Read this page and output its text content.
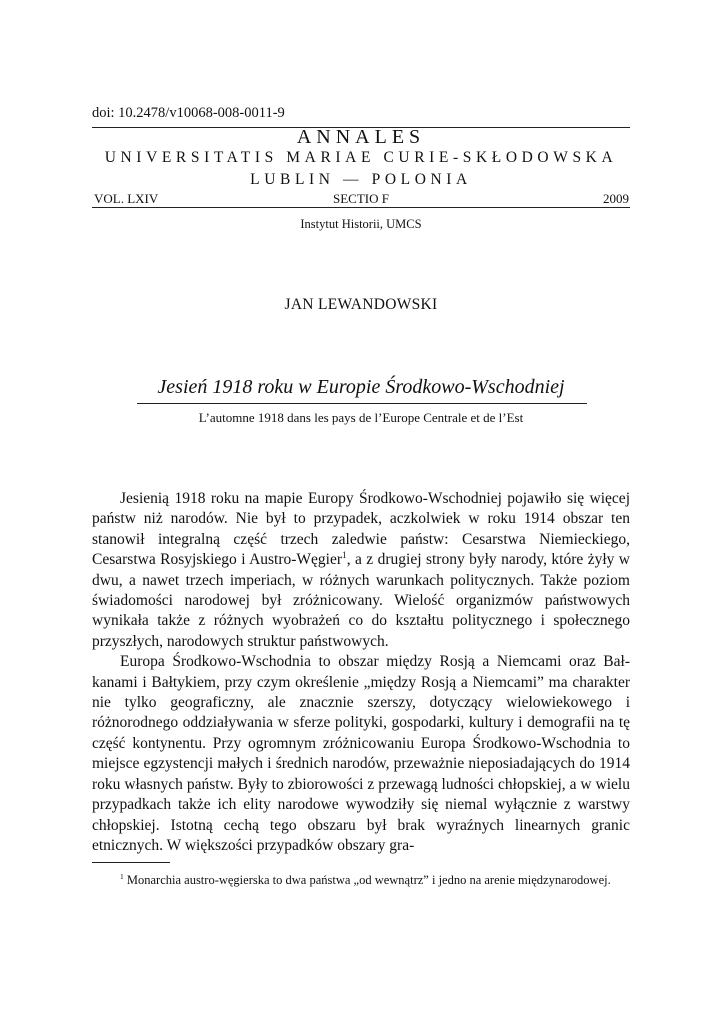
doi: 10.2478/v10068-008-0011-9
ANNALES
UNIVERSITATIS MARIAE CURIE-SKŁODOWSKA
LUBLIN — POLONIA
SECTIO F
VOL. LXIV	2009
Instytut Historii, UMCS
JAN LEWANDOWSKI
Jesień 1918 roku w Europie Środkowo-Wschodniej
L’automne 1918 dans les pays de l’Europe Centrale et de l’Est

Jesienią 1918 roku na mapie Europy Środkowo-Wschodniej pojawiło się więcej państw niż narodów. Nie był to przypadek, aczkolwiek w roku 1914 obszar ten stanowił integralną część trzech zaledwie państw: Cesarstwa Niemieckiego, Cesarstwa Rosyjskiego i Austro-Węgier$^1$, a z drugiej strony były narody, które żyły w dwu, a nawet trzech imperiach, w różnych warunkach politycznych. Także poziom świadomości narodowej był zróżnicowany. Wielość organizmów państwowych wynikała także z różnych wyobrażeń co do kształtu politycznego i społecznego przyszłych, narodowych struktur państwowych.

Europa Środkowo-Wschodnia to obszar między Rosją a Niemcami oraz Bałkanami i Bałtykiem, przy czym określenie „między Rosją a Niemcami” ma charakter nie tylko geograficzny, ale znacznie szerszy, dotyczący wielowiekowego i różnorodnego oddziaływania w sferze polityki, gospodarki, kultury i demografii na tę część kontynentu. Przy ogromnym zróżnicowaniu Europa Środkowo-Wschodnia to miejsce egzystencji małych i średnich narodów, przeważnie nieposiadających do 1914 roku własnych państw. Były to zbiorowości z przewagą ludności chłopskiej, a w wielu przypadkach także ich elity narodowe wywodziły się niemal wyłącznie z warstwy chłopskiej. Istotną cechą tego obszaru był brak wyraźnych linearnych granic etnicznych. W większości przypadków obszary gra-

$^1$ Monarchia austro-węgierska to dwa państwa „od wewnątrz” i jedno na arenie międzynarodowej.
